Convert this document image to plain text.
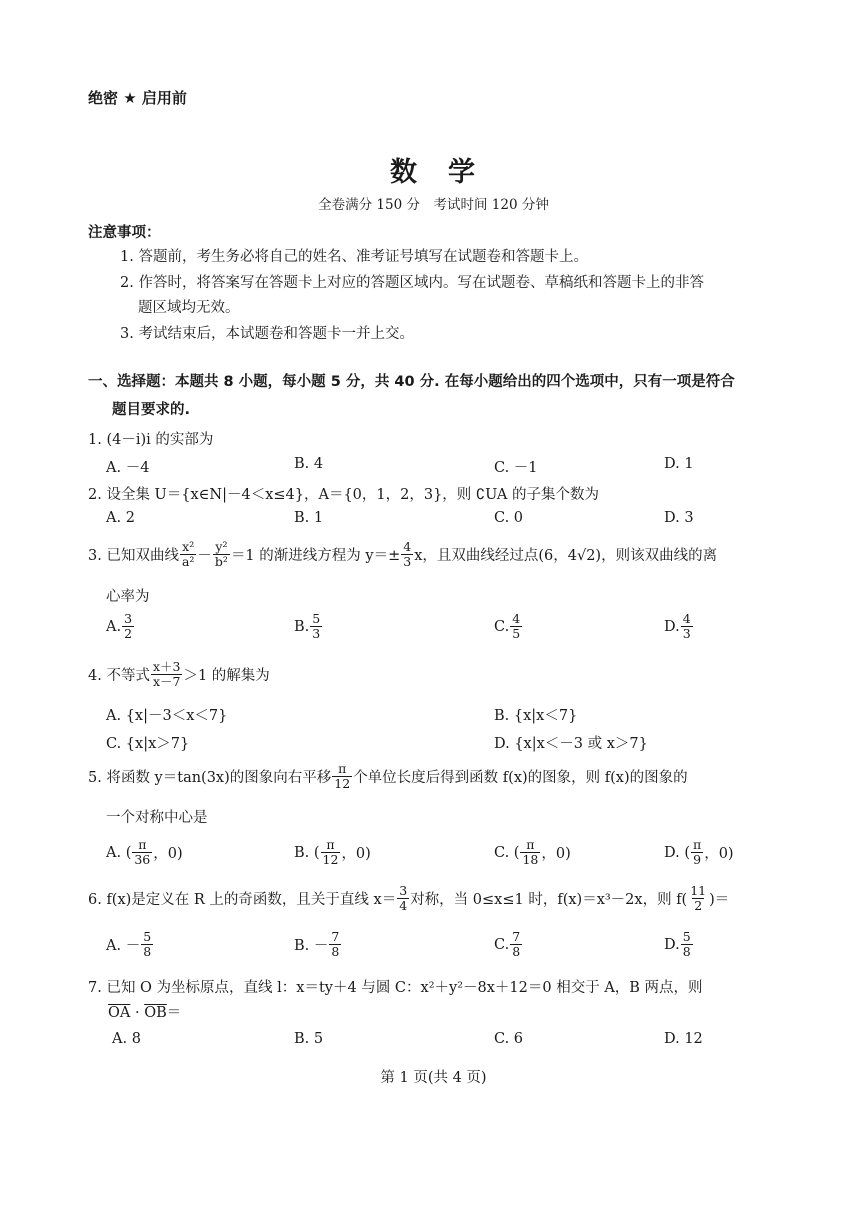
绝密 ★ 启用前
数　学
全卷满分 150 分　考试时间 120 分钟
注意事项：
1. 答题前，考生务必将自己的姓名、准考证号填写在试题卷和答题卡上。
2. 作答时，将答案写在答题卡上对应的答题区域内。写在试题卷、草稿纸和答题卡上的非答
题区域均无效。
3. 考试结束后，本试题卷和答题卡一并上交。
一、选择题：本题共 8 小题，每小题 5 分，共 40 分. 在每小题给出的四个选项中，只有一项是符合
题目要求的.
1. (4－i)i 的实部为
A. －4	B. 4	C. －1	D. 1
2. 设全集 U＝{x∈N|－4＜x≤4}，A＝{0，1，2，3}，则 ∁UA 的子集个数为
A. 2	B. 1	C. 0	D. 3
3. 已知双曲线 $\frac{\text{x²}}{\text{a²}} - \frac{\text{y²}}{\text{b²}} =1$ 的渐进线方程为 $y=\pm \frac{4}{3}$ x，且双曲线经过点(6，4√2)，则该双曲线的离
心率为
A. $\frac{3}{2}$	B. $\frac{5}{3}$	C. $\frac{4}{5}$	D. $\frac{4}{3}$
4. 不等式 $\frac{x+3}{x-7} >1$ 的解集为
A. {x|－3＜x＜7}	B. {x|x＜7}
C. {x|x＞7}	D. {x|x＜－3 或 x＞7}
5. 将函数 y＝tan(3x)的图象向右平移 $\frac{\pi}{12}$ 个单位长度后得到函数 f(x)的图象，则 f(x)的图象的
一个对称中心是
A. ( $\frac{\pi}{36}$ ，0)	B. ( $\frac{\pi}{12}$ ，0)	C. ( $\frac{\pi}{18}$ ，0)	D. ( $\frac{\pi}{9}$ ，0)
6. f(x)是定义在 R 上的奇函数，且关于直线 $x= \frac{3}{4}$ 对称，当 0≤x≤1 时，f(x)＝x³－2x，则 $f( \frac{11}{2}$ )＝
A. － $\frac{5}{8}$	B. － $\frac{7}{8}$	C. $\frac{7}{8}$	D. $\frac{5}{8}$
7. 已知 O 为坐标原点，直线 l：x＝ty＋4 与圆 C：x²＋y²－8x＋12＝0 相交于 A，B 两点，则
$\overline{OA} \cdot \overline{OB}=$
A. 8	B. 5	C. 6	D. 12
第 1 页(共 4 页)
